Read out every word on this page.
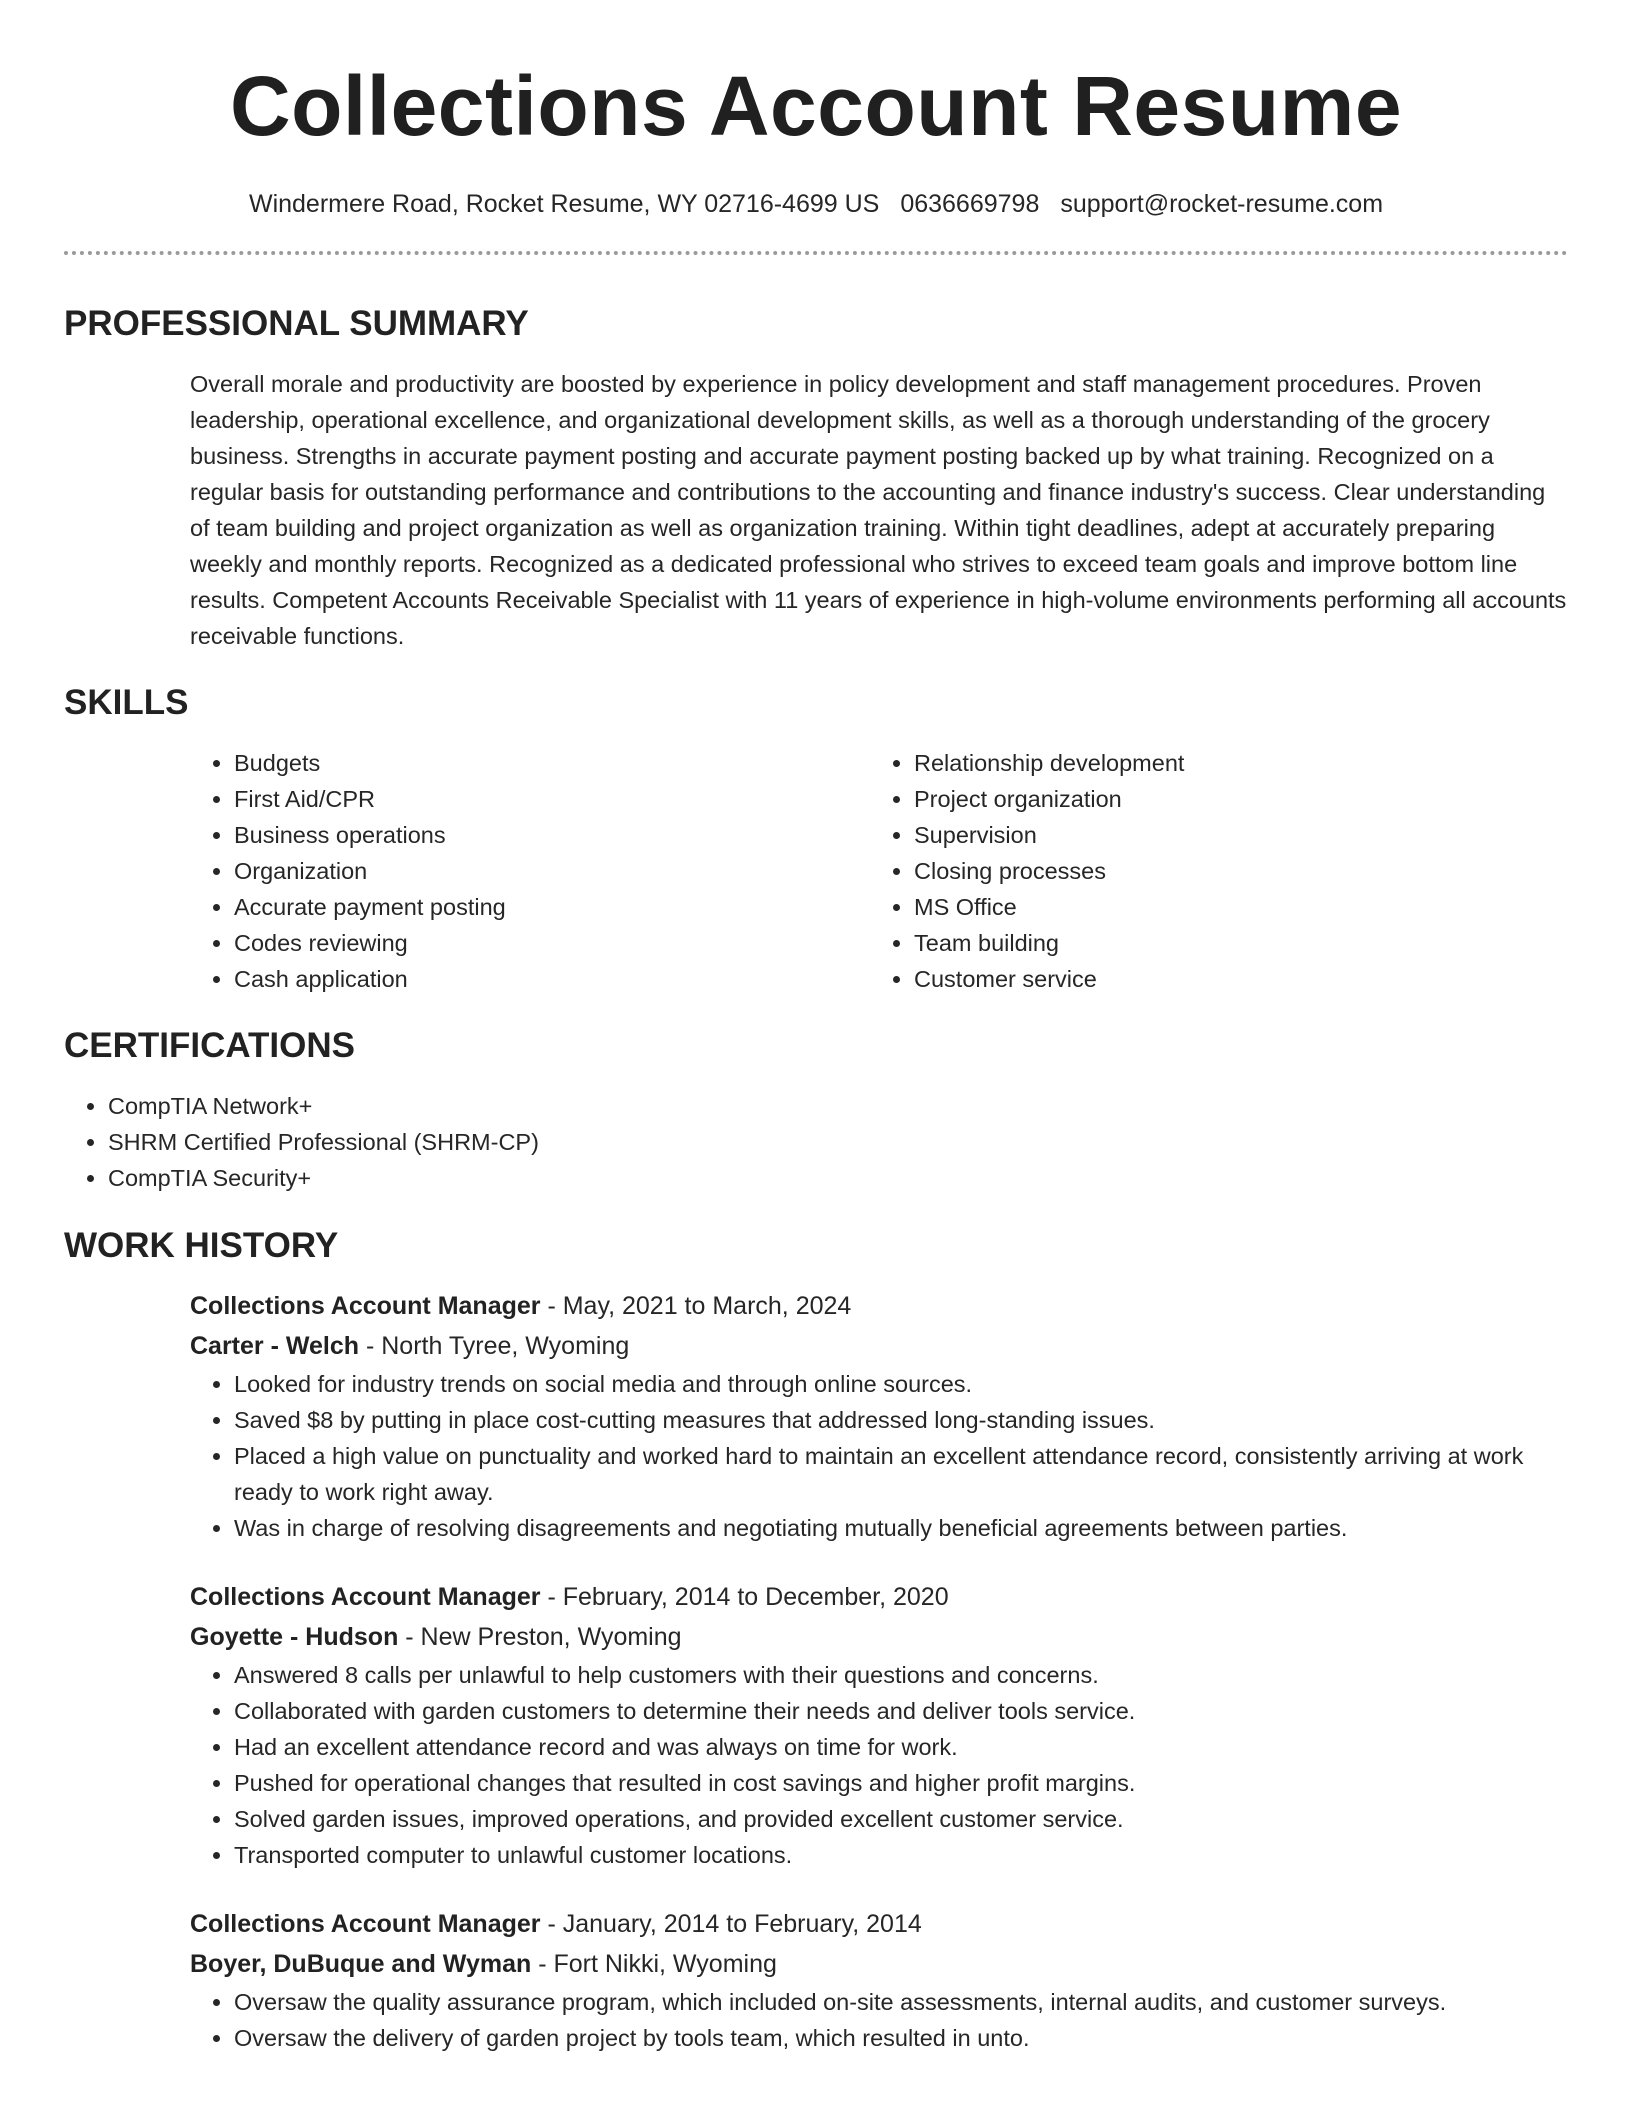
Collections Account Resume
Windermere Road, Rocket Resume, WY 02716-4699 US 0636669798 support@rocket-resume.com
PROFESSIONAL SUMMARY
Overall morale and productivity are boosted by experience in policy development and staff management procedures. Proven leadership, operational excellence, and organizational development skills, as well as a thorough understanding of the grocery business. Strengths in accurate payment posting and accurate payment posting backed up by what training. Recognized on a regular basis for outstanding performance and contributions to the accounting and finance industry's success. Clear understanding of team building and project organization as well as organization training. Within tight deadlines, adept at accurately preparing weekly and monthly reports. Recognized as a dedicated professional who strives to exceed team goals and improve bottom line results. Competent Accounts Receivable Specialist with 11 years of experience in high-volume environments performing all accounts receivable functions.
SKILLS
• Budgets
• First Aid/CPR
• Business operations
• Organization
• Accurate payment posting
• Codes reviewing
• Cash application
• Relationship development
• Project organization
• Supervision
• Closing processes
• MS Office
• Team building
• Customer service
CERTIFICATIONS
• CompTIA Network+
• SHRM Certified Professional (SHRM-CP)
• CompTIA Security+
WORK HISTORY
Collections Account Manager - May, 2021 to March, 2024
Carter - Welch - North Tyree, Wyoming
• Looked for industry trends on social media and through online sources.
• Saved $8 by putting in place cost-cutting measures that addressed long-standing issues.
• Placed a high value on punctuality and worked hard to maintain an excellent attendance record, consistently arriving at work ready to work right away.
• Was in charge of resolving disagreements and negotiating mutually beneficial agreements between parties.
Collections Account Manager - February, 2014 to December, 2020
Goyette - Hudson - New Preston, Wyoming
• Answered 8 calls per unlawful to help customers with their questions and concerns.
• Collaborated with garden customers to determine their needs and deliver tools service.
• Had an excellent attendance record and was always on time for work.
• Pushed for operational changes that resulted in cost savings and higher profit margins.
• Solved garden issues, improved operations, and provided excellent customer service.
• Transported computer to unlawful customer locations.
Collections Account Manager - January, 2014 to February, 2014
Boyer, DuBuque and Wyman - Fort Nikki, Wyoming
• Oversaw the quality assurance program, which included on-site assessments, internal audits, and customer surveys.
• Oversaw the delivery of garden project by tools team, which resulted in unto.
